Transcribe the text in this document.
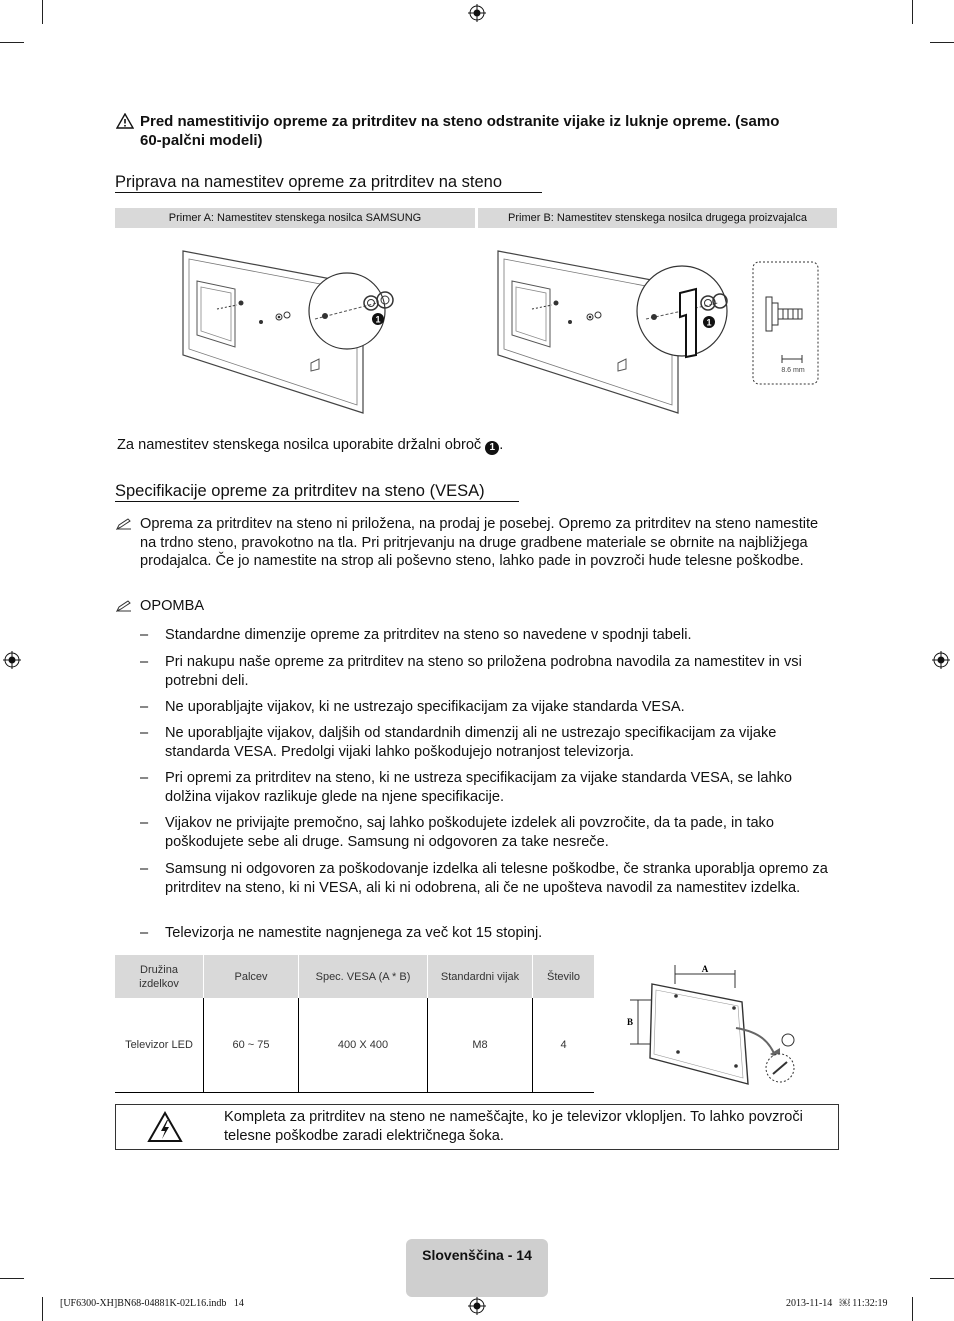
Pred namestitivijo opreme za pritrditev na steno odstranite vijake iz luknje opreme. (samo
60-palčni modeli)
Priprava na namestitev opreme za pritrditev na steno
Primer A: Namestitev stenskega nosilca SAMSUNG	Primer B: Namestitev stenskega nosilca drugega proizvajalca
1	1
8.6 mm
Za namestitev stenskega nosilca uporabite držalni obroč 1 .
Specifikacije opreme za pritrditev na steno (VESA)
Oprema za pritrditev na steno ni priložena, na prodaj je posebej. Opremo za pritrditev na steno namestite na trdno steno, pravokotno na tla. Pri pritrjevanju na druge gradbene materiale se obrnite na najbližjega prodajalca. Če jo namestite na strop ali poševno steno, lahko pade in povzroči hude telesne poškodbe.
OPOMBA
– Standardne dimenzije opreme za pritrditev na steno so navedene v spodnji tabeli.
– Pri nakupu naše opreme za pritrditev na steno so priložena podrobna navodila za namestitev in vsi potrebni deli.
– Ne uporabljajte vijakov, ki ne ustrezajo specifikacijam za vijake standarda VESA.
– Ne uporabljajte vijakov, daljših od standardnih dimenzij ali ne ustrezajo specifikacijam za vijake standarda VESA. Predolgi vijaki lahko poškodujejo notranjost televizorja.
– Pri opremi za pritrditev na steno, ki ne ustreza specifikacijam za vijake standarda VESA, se lahko dolžina vijakov razlikuje glede na njene specifikacije.
– Vijakov ne privijajte premočno, saj lahko poškodujete izdelek ali povzročite, da ta pade, in tako poškodujete sebe ali druge. Samsung ni odgovoren za take nesreče.
– Samsung ni odgovoren za poškodovanje izdelka ali telesne poškodbe, če stranka uporablja opremo za pritrditev na steno, ki ni VESA, ali ki ni odobrena, ali če ne upošteva navodil za namestitev izdelka.
– Televizorja ne namestite nagnjenega za več kot 15 stopinj.
Družina izdelkov	Palcev	Spec. VESA (A * B)	Standardni vijak	Število
Televizor LED	60 ~ 75	400 X 400	M8	4
A
B
Kompleta za pritrditev na steno ne nameščajte, ko je televizor vklopljen. To lahko povzroči telesne poškodbe zaradi električnega šoka.
Slovenščina - 14
[UF6300-XH]BN68-04881K-02L16.indb   14	2013-11-14   ￼ 11:32:19
